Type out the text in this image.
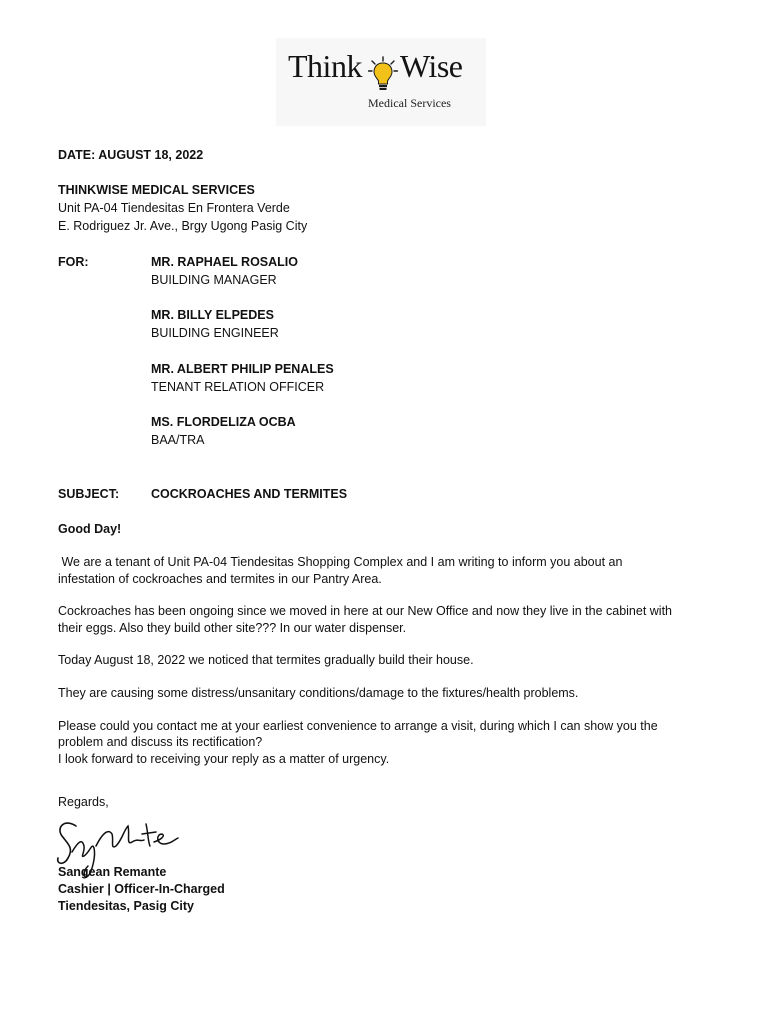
Think Wise
Medical Services
DATE: AUGUST 18, 2022
THINKWISE MEDICAL SERVICES
Unit PA-04 Tiendesitas En Frontera Verde
E. Rodriguez Jr. Ave., Brgy Ugong Pasig City
FOR:	MR. RAPHAEL ROSALIO
BUILDING MANAGER
MR. BILLY ELPEDES
BUILDING ENGINEER
MR. ALBERT PHILIP PENALES
TENANT RELATION OFFICER
MS. FLORDELIZA OCBA
BAA/TRA
SUBJECT:	COCKROACHES AND TERMITES
Good Day!
We are a tenant of Unit PA-04 Tiendesitas Shopping Complex and I am writing to inform you about an
infestation of cockroaches and termites in our Pantry Area.
Cockroaches has been ongoing since we moved in here at our New Office and now they live in the cabinet with
their eggs. Also they build other site??? In our water dispenser.
Today August 18, 2022 we noticed that termites gradually build their house.
They are causing some distress/unsanitary conditions/damage to the fixtures/health problems.
Please could you contact me at your earliest convenience to arrange a visit, during which I can show you the
problem and discuss its rectification?
I look forward to receiving your reply as a matter of urgency.
Regards,
Sangean Remante
Cashier | Officer-In-Charged
Tiendesitas, Pasig City
